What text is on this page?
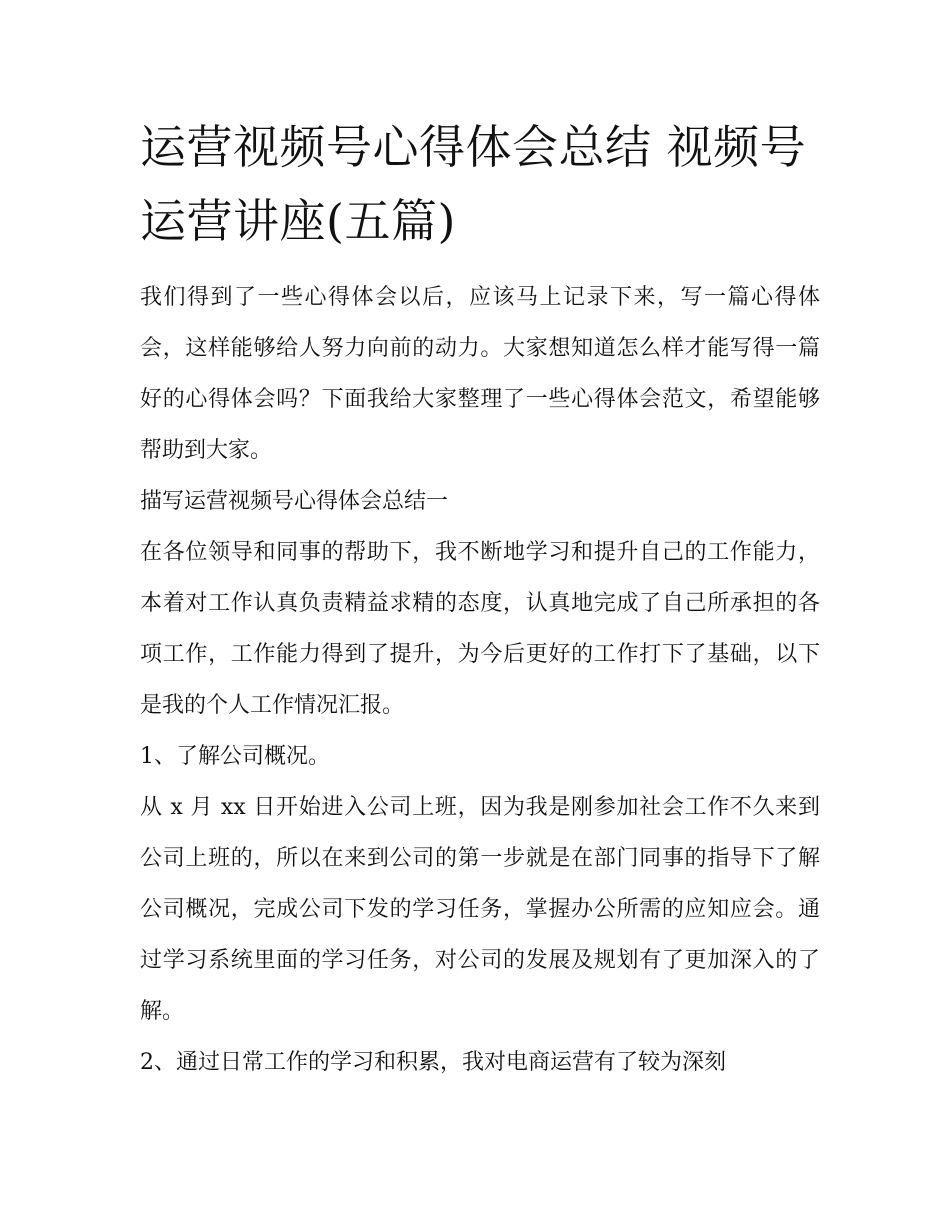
运营视频号心得体会总结 视频号运营讲座(五篇)

我们得到了一些心得体会以后，应该马上记录下来，写一篇心得体会，这样能够给人努力向前的动力。大家想知道怎么样才能写得一篇好的心得体会吗？下面我给大家整理了一些心得体会范文，希望能够帮助到大家。

描写运营视频号心得体会总结一

在各位领导和同事的帮助下，我不断地学习和提升自己的工作能力，本着对工作认真负责精益求精的态度，认真地完成了自己所承担的各项工作，工作能力得到了提升，为今后更好的工作打下了基础，以下是我的个人工作情况汇报。

1、了解公司概况。

从 x 月 xx 日开始进入公司上班，因为我是刚参加社会工作不久来到公司上班的，所以在来到公司的第一步就是在部门同事的指导下了解公司概况，完成公司下发的学习任务，掌握办公所需的应知应会。通过学习系统里面的学习任务，对公司的发展及规划有了更加深入的了解。

2、通过日常工作的学习和积累，我对电商运营有了较为深刻
